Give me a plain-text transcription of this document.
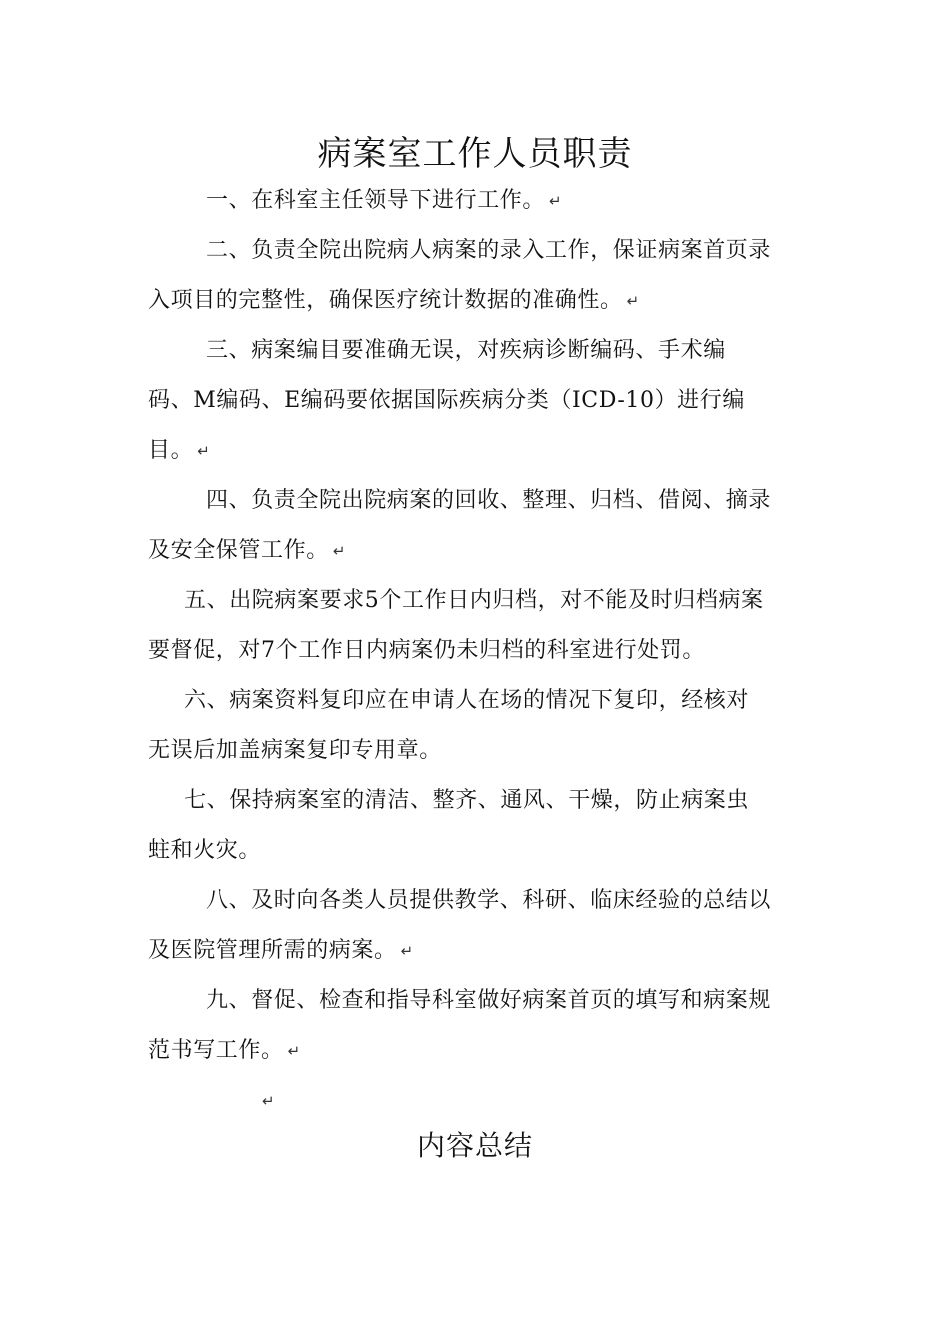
病案室工作人员职责
一、在科室主任领导下进行工作。 ↵
二、负责全院出院病人病案的录入工作，保证病案首页录
入项目的完整性，确保医疗统计数据的准确性。 ↵
三、病案编目要准确无误，对疾病诊断编码、手术编
码、M编码、E编码要依据国际疾病分类（ICD-10）进行编
目。 ↵
四、负责全院出院病案的回收、整理、归档、借阅、摘录
及安全保管工作。 ↵
五、出院病案要求5个工作日内归档，对不能及时归档病案
要督促，对7个工作日内病案仍未归档的科室进行处罚。
六、病案资料复印应在申请人在场的情况下复印，经核对
无误后加盖病案复印专用章。
七、保持病案室的清洁、整齐、通风、干燥，防止病案虫
蛀和火灾。
八、及时向各类人员提供教学、科研、临床经验的总结以
及医院管理所需的病案。 ↵
九、督促、检查和指导科室做好病案首页的填写和病案规
范书写工作。 ↵
↵
内容总结
